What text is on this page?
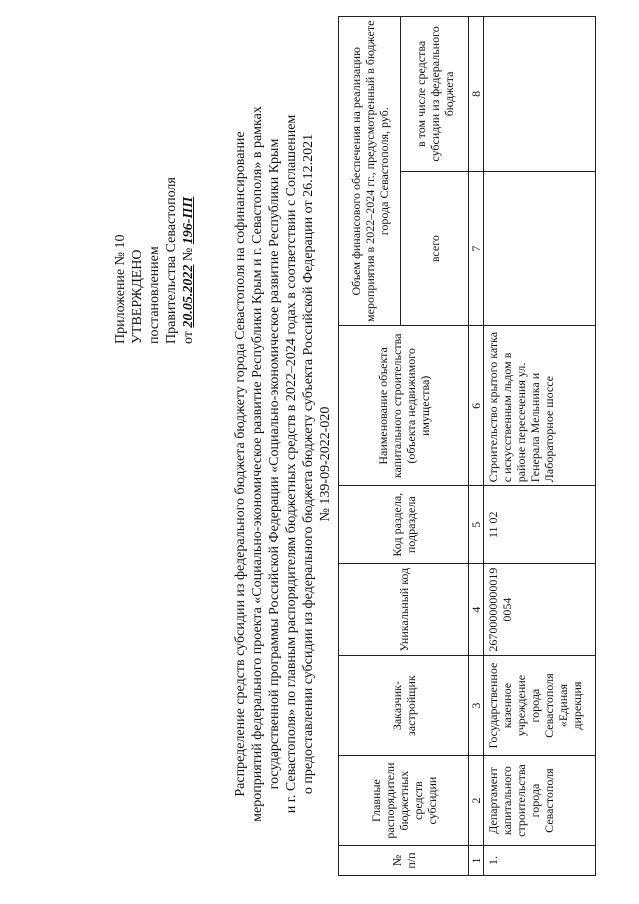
Приложение № 10 УТВЕРЖДЕНО постановлением Правительства Севастополя от 20.05.2022 № 196-ПП	Распределение средств субсидии из федерального бюджета бюджету города Севастополя на софинансирование мероприятий федерального проекта «Социально-экономическое развитие Республики Крым и г. Севастополя» в рамках государственной программы Российской Федерации «Социально-экономическое развитие Республики Крым и г. Севастополя» по главным распорядителям бюджетных средств в 2022–2024 годах в соответствии с Соглашением о предоставлении субсидии из федерального бюджета бюджету субъекта Российской Федерации от 26.12.2021 № 139-09-2022-020
№ п/п	Главные распорядители бюджетных средств субсидии	Заказчик-застройщик	Уникальный код	Код раздела, подраздела	Наименование объекта капитального строительства (объекта недвижимого имущества)	Объем финансового обеспечения на реализацию мероприятия в 2022–2024 гг., предусмотренный в бюджете города Севастополя, руб.	
						всего	в том числе средства субсидии из федерального бюджета
1	2	3	4	5	6	7	8
1.	Департамент капитального строительства города Севастополя	Государственное казенное учреждение города Севастополя «Единая дирекция	267000000000190054	11 02	Строительство крытого катка с искусственным льдом в районе пересечения ул. Генерала Мельника и Лабораторное шоссе		
